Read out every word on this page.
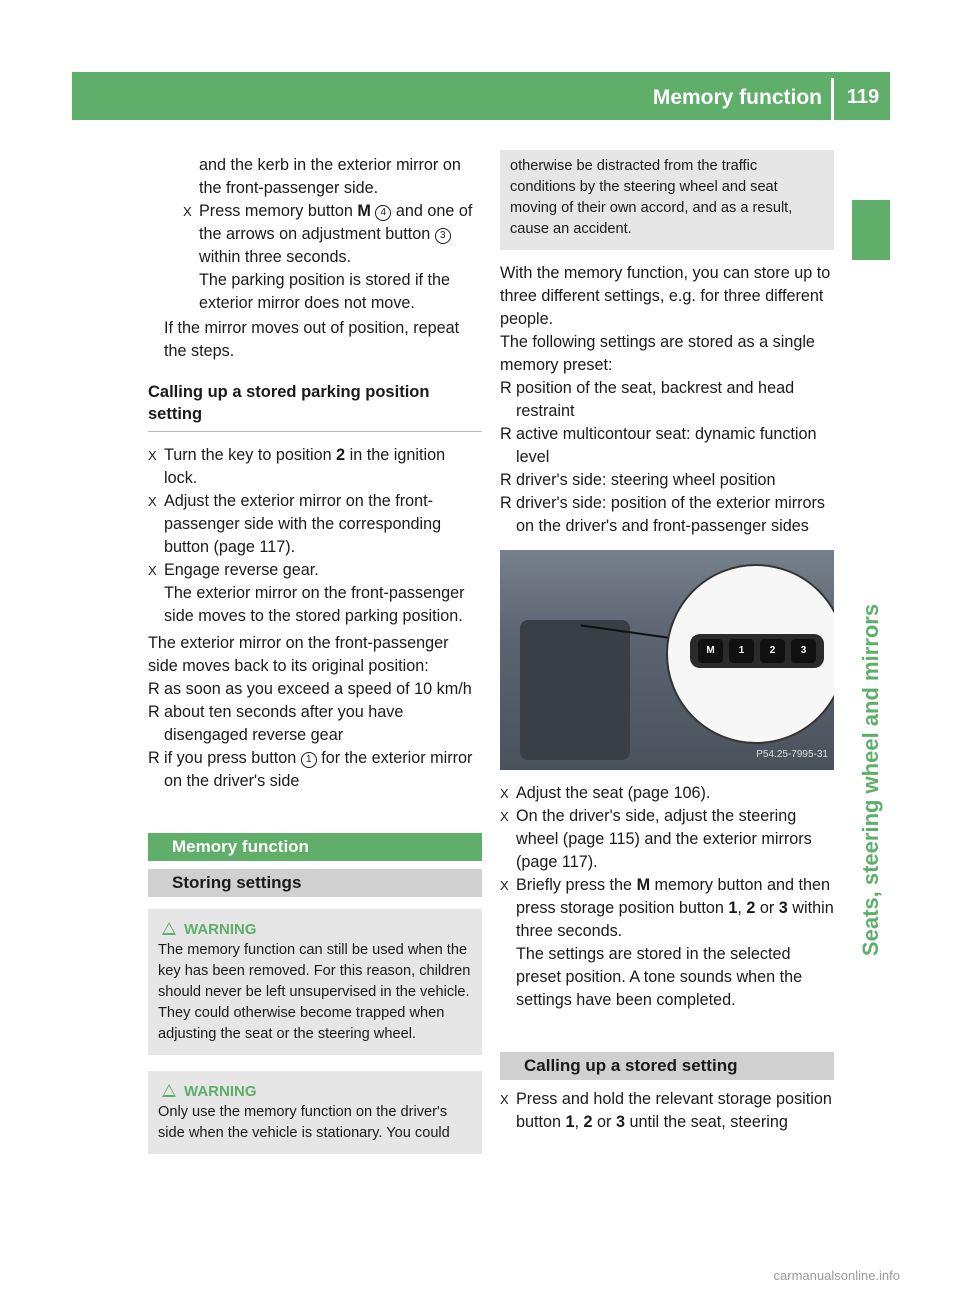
Memory function	119
Seats, steering wheel and mirrors

and the kerb in the exterior mirror on the front-passenger side.

X Press memory button M 4 and one of the arrows on adjustment button 3 within three seconds.
The parking position is stored if the exterior mirror does not move.

If the mirror moves out of position, repeat the steps.

Calling up a stored parking position setting

X Turn the key to position 2 in the ignition lock.

X Adjust the exterior mirror on the front-passenger side with the corresponding button (page 117).

X Engage reverse gear.
The exterior mirror on the front-passenger side moves to the stored parking position.

The exterior mirror on the front-passenger side moves back to its original position:

R as soon as you exceed a speed of 10 km/h

R about ten seconds after you have disengaged reverse gear

R if you press button 1 for the exterior mirror on the driver's side

Memory function
Storing settings
WARNING
The memory function can still be used when the key has been removed. For this reason, children should never be left unsupervised in the vehicle. They could otherwise become trapped when adjusting the seat or the steering wheel.
WARNING
Only use the memory function on the driver's side when the vehicle is stationary. You could
otherwise be distracted from the traffic conditions by the steering wheel and seat moving of their own accord, and as a result, cause an accident.

With the memory function, you can store up to three different settings, e.g. for three different people.

The following settings are stored as a single memory preset:

R position of the seat, backrest and head restraint

R active multicontour seat: dynamic function level

R driver's side: steering wheel position

R driver's side: position of the exterior mirrors on the driver's and front-passenger sides

M	1	2	3
P54.25-7995-31

X Adjust the seat (page 106).

X On the driver's side, adjust the steering wheel (page 115) and the exterior mirrors (page 117).

X Briefly press the M memory button and then press storage position button 1, 2 or 3 within three seconds.
The settings are stored in the selected preset position. A tone sounds when the settings have been completed.

Calling up a stored setting

X Press and hold the relevant storage position button 1, 2 or 3 until the seat, steering

carmanualsonline.info
